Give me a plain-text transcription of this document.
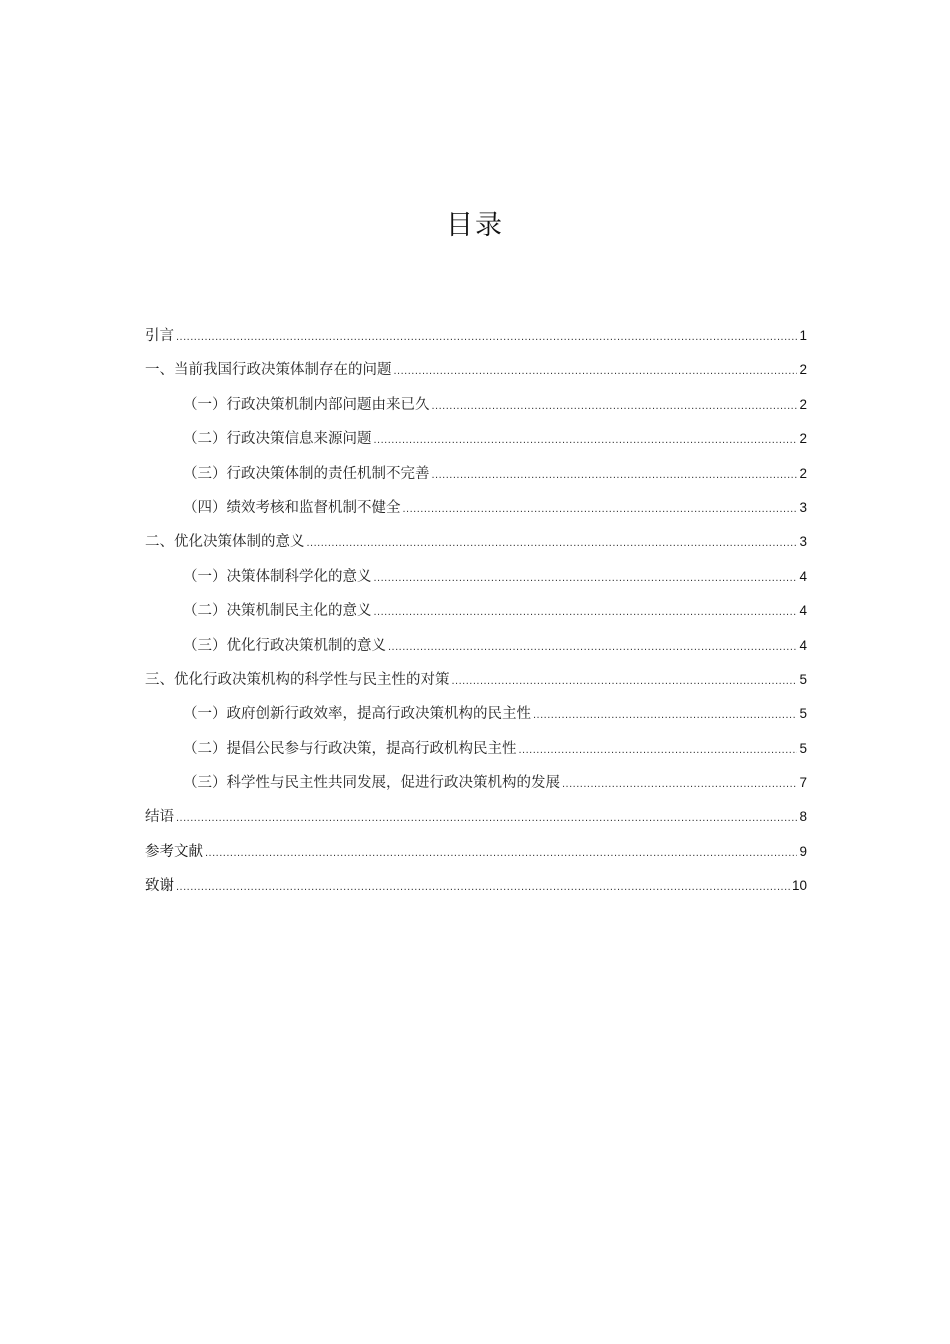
目录
引言 .....	1
一、当前我国行政决策体制存在的问题 .....	2
（一）行政决策机制内部问题由来已久 .....	2
（二）行政决策信息来源问题 .....	2
（三）行政决策体制的责任机制不完善 .....	2
（四）绩效考核和监督机制不健全 .....	3
二、优化决策体制的意义 .....	3
（一）决策体制科学化的意义 .....	4
（二）决策机制民主化的意义 .....	4
（三）优化行政决策机制的意义 .....	4
三、优化行政决策机构的科学性与民主性的对策 .....	5
（一）政府创新行政效率，提高行政决策机构的民主性 .....	5
（二）提倡公民参与行政决策，提高行政机构民主性 .....	5
（三）科学性与民主性共同发展，促进行政决策机构的发展 .....	7
结语 .....	8
参考文献 .....	9
致谢 .....	10
